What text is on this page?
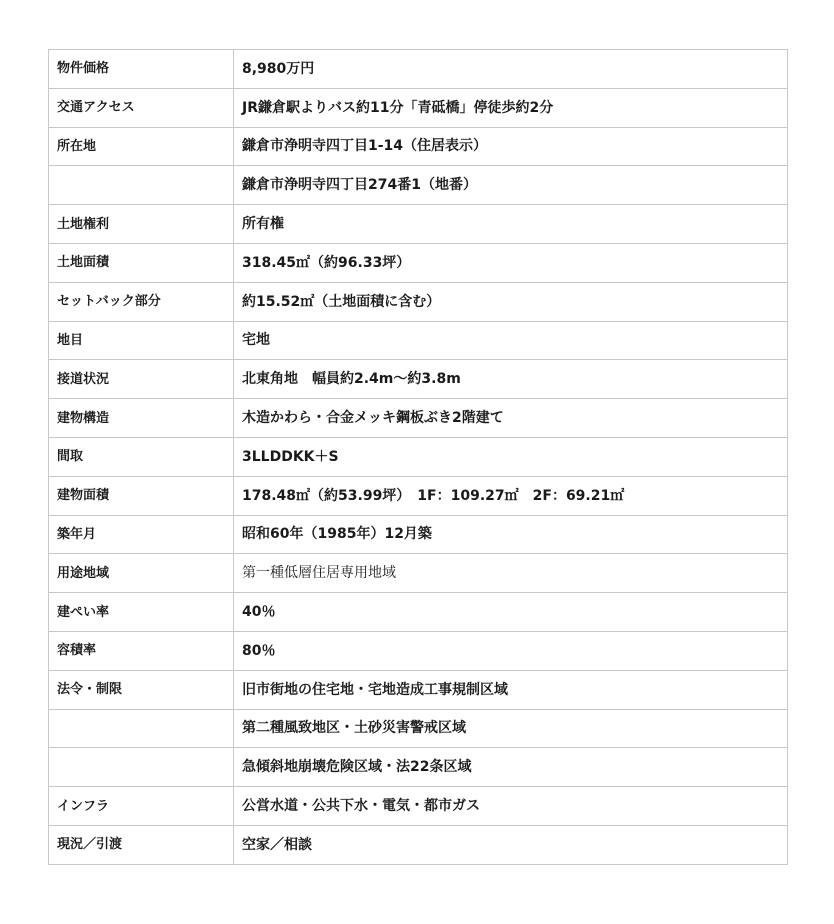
物件価格	8,980万円
交通アクセス	JR鎌倉駅よりバス約11分「青砥橋」停徒歩約2分
所在地	鎌倉市浄明寺四丁目1-14（住居表示）
	鎌倉市浄明寺四丁目274番1（地番）
土地権利	所有権
土地面積	318.45㎡（約96.33坪）
セットバック部分	約15.52㎡（土地面積に含む）
地目	宅地
接道状況	北東角地　幅員約2.4m～約3.8m
建物構造	木造かわら・合金メッキ鋼板ぶき2階建て
間取	3LLDDKK＋S
建物面積	178.48㎡（約53.99坪）　1F：109.27㎡　2F：69.21㎡
築年月	昭和60年（1985年）12月築
用途地域	第一種低層住居専用地域
建ぺい率	40％
容積率	80％
法令・制限	旧市街地の住宅地・宅地造成工事規制区域
	第二種風致地区・土砂災害警戒区域
	急傾斜地崩壊危険区域・法22条区域
インフラ	公営水道・公共下水・電気・都市ガス
現況／引渡	空家／相談
